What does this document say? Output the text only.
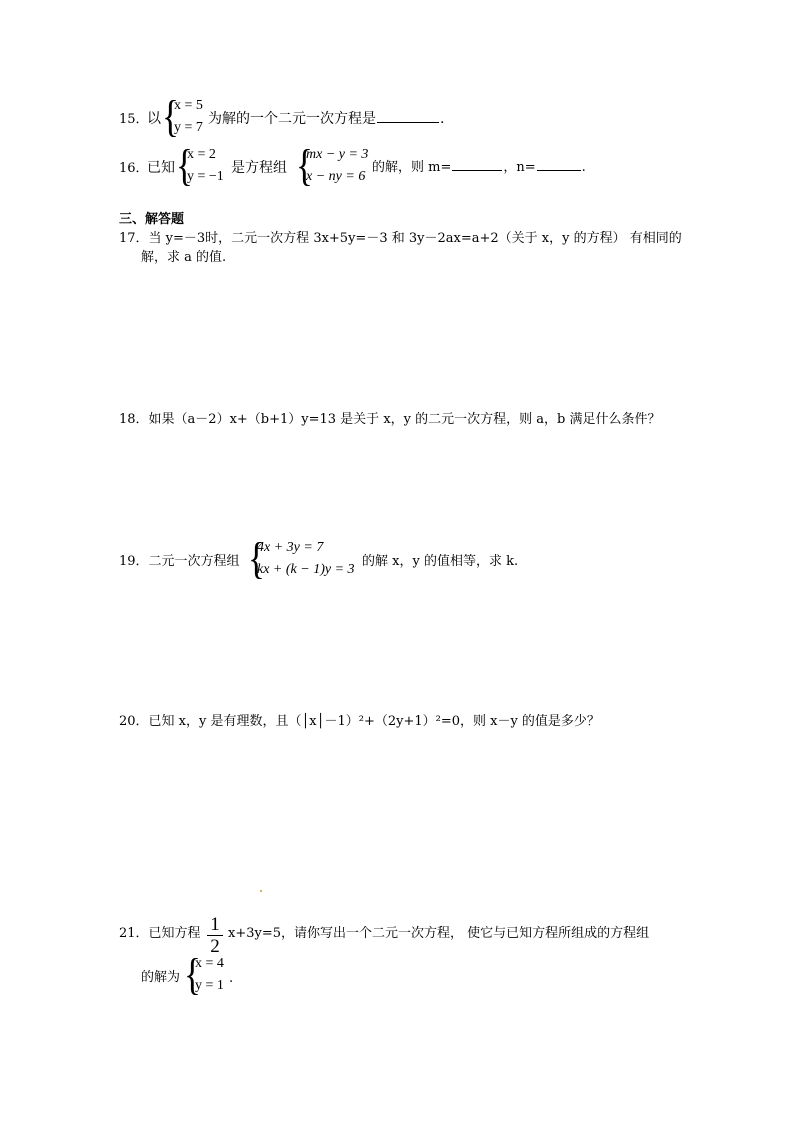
15．
以 {
x = 5
y = 7
为解的一个二元一次方程是	.
16．
已知 {
x = 2
y = −1
是方程组 {
mx − y = 3
x − ny = 6
的解，则 m=	，n=	.
三、解答题
17．当 y=－3时，二元一次方程 3x+5y=－3 和 3y－2ax=a+2（关于 x，y 的方程） 有相同的
解，求 a 的值.
18．如果（a－2）x+（b+1）y=13 是关于 x，y 的二元一次方程，则 a，b 满足什么条件？
19．二元一次方程组 {
4x + 3y = 7
kx + (k − 1)y = 3
的解 x，y 的值相等，求 k.
20．已知 x，y 是有理数，且（│x│－1）²+（2y+1）²=0，则 x－y 的值是多少？
21．已知方程 1
2
x+3y=5，请你写出一个二元一次方程， 使它与已知方程所组成的方程组
的解为 {
x = 4
y = 1 .
